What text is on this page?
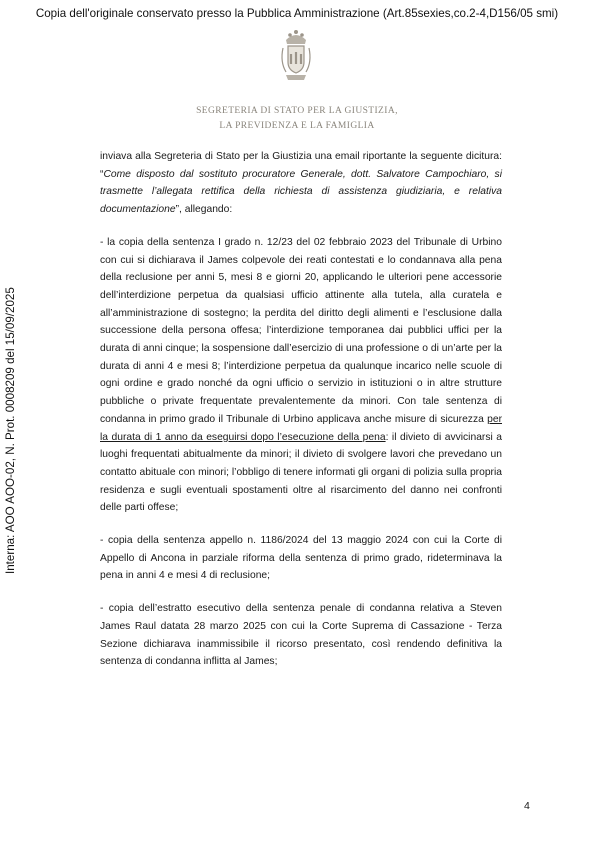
Copia dell'originale conservato presso la Pubblica Amministrazione (Art.85sexies,co.2-4,D156/05 smi)
Interna: AOO AOO-02, N. Prot. 0008209 del 15/09/2025
SEGRETERIA DI STATO PER LA GIUSTIZIA,
LA PREVIDENZA E LA FAMIGLIA

inviava alla Segreteria di Stato per la Giustizia una email riportante la seguente dicitura: “Come disposto dal sostituto procuratore Generale, dott. Salvatore Campochiaro, si trasmette l’allegata rettifica della richiesta di assistenza giudiziaria, e relativa documentazione”, allegando:

- la copia della sentenza I grado n. 12/23 del 02 febbraio 2023 del Tribunale di Urbino con cui si dichiarava il James colpevole dei reati contestati e lo condannava alla pena della reclusione per anni 5, mesi 8 e giorni 20, applicando le ulteriori pene accessorie dell’interdizione perpetua da qualsiasi ufficio attinente alla tutela, alla curatela e all’amministrazione di sostegno; la perdita del diritto degli alimenti e l’esclusione dalla successione della persona offesa; l’interdizione temporanea dai pubblici uffici per la durata di anni cinque; la sospensione dall’esercizio di una professione o di un’arte per la durata di anni 4 e mesi 8; l’interdizione perpetua da qualunque incarico nelle scuole di ogni ordine e grado nonché da ogni ufficio o servizio in istituzioni o in altre strutture pubbliche o private frequentate prevalentemente da minori. Con tale sentenza di condanna in primo grado il Tribunale di Urbino applicava anche misure di sicurezza per la durata di 1 anno da eseguirsi dopo l’esecuzione della pena: il divieto di avvicinarsi a luoghi frequentati abitualmente da minori; il divieto di svolgere lavori che prevedano un contatto abituale con minori; l’obbligo di tenere informati gli organi di polizia sulla propria residenza e sugli eventuali spostamenti oltre al risarcimento del danno nei confronti delle parti offese;

- copia della sentenza appello n. 1186/2024 del 13 maggio 2024 con cui la Corte di Appello di Ancona in parziale riforma della sentenza di primo grado, rideterminava la pena in anni 4 e mesi 4 di reclusione;

- copia dell’estratto esecutivo della sentenza penale di condanna relativa a Steven James Raul datata 28 marzo 2025 con cui la Corte Suprema di Cassazione - Terza Sezione dichiarava inammissibile il ricorso presentato, così rendendo definitiva la sentenza di condanna inflitta al James;

4
